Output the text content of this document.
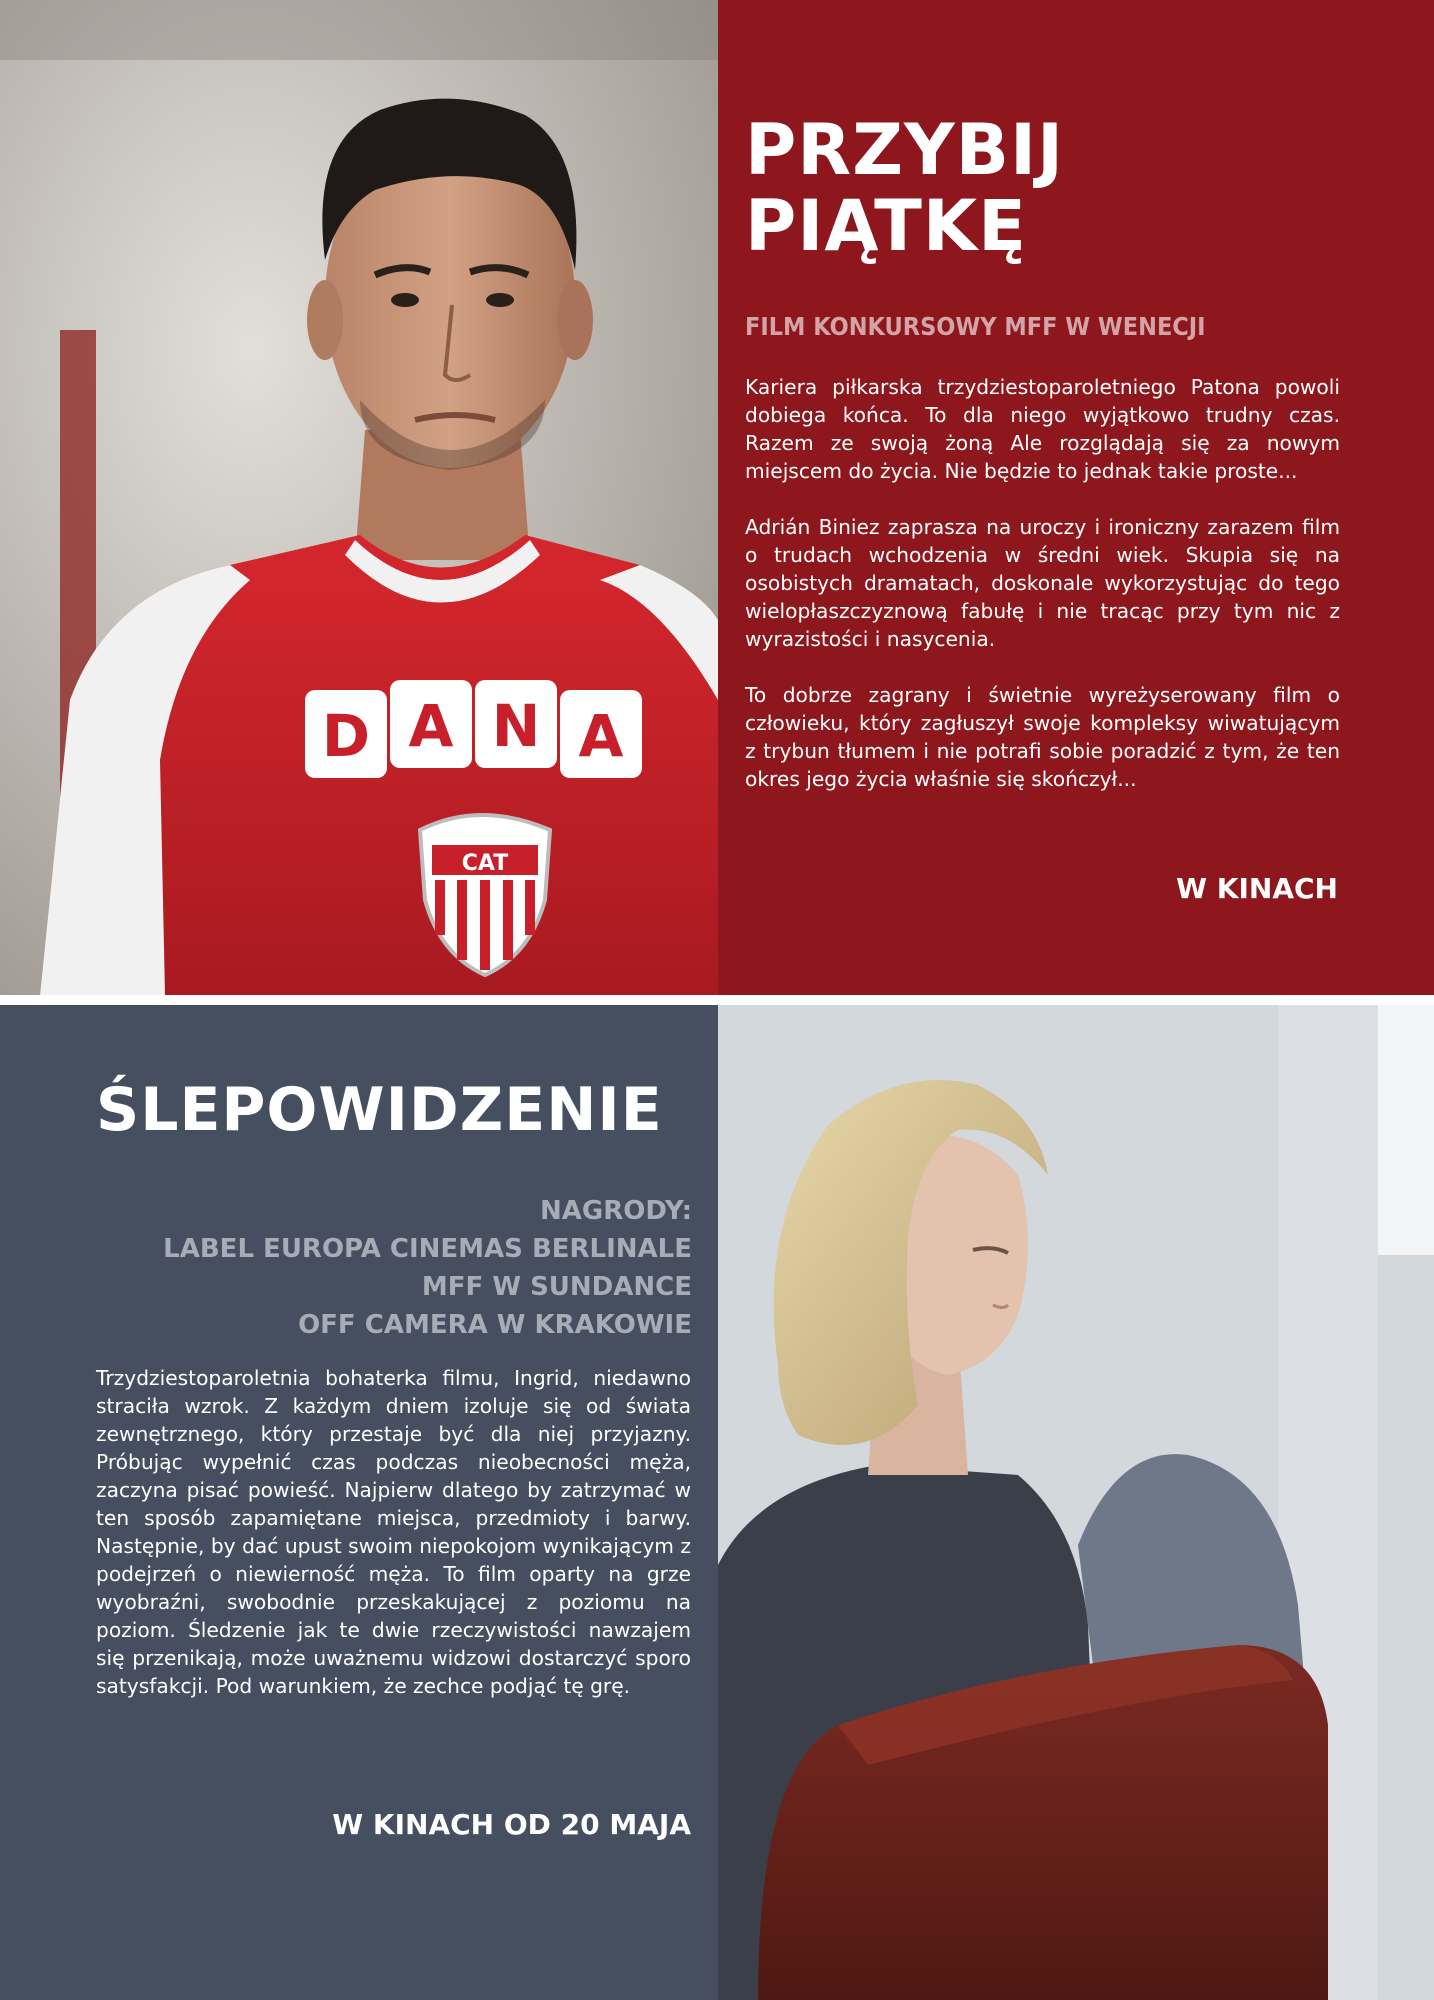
D A N A
CAT
PRZYBIJ
PIĄTKĘ
FILM KONKURSOWY MFF W WENECJI

Kariera piłkarska trzydziestoparoletniego Patona powoli dobiega końca. To dla niego wyjątkowo trudny czas. Razem ze swoją żoną Ale rozglądają się za nowym miejscem do życia. Nie będzie to jednak takie proste...

Adrián Biniez zaprasza na uroczy i ironiczny zarazem film o trudach wchodzenia w średni wiek. Skupia się na osobistych dramatach, doskonale wykorzystując do tego wielopłaszczyznową fabułę i nie tracąc przy tym nic z wyrazistości i nasycenia.

To dobrze zagrany i świetnie wyreżyserowany film o człowieku, który zagłuszył swoje kompleksy wiwatującym z trybun tłumem i nie potrafi sobie poradzić z tym, że ten okres jego życia właśnie się skończył...

W KINACH
ŚLEPOWIDZENIE
NAGRODY:
LABEL EUROPA CINEMAS BERLINALE
MFF W SUNDANCE
OFF CAMERA W KRAKOWIE

Trzydziestoparoletnia bohaterka filmu, Ingrid, niedawno straciła wzrok. Z każdym dniem izoluje się od świata zewnętrznego, który przestaje być dla niej przyjazny. Próbując wypełnić czas podczas nieobecności męża, zaczyna pisać powieść. Najpierw dlatego by zatrzymać w ten sposób zapamiętane miejsca, przedmioty i barwy. Następnie, by dać upust swoim niepokojom wynikającym z podejrzeń o niewierność męża. To film oparty na grze wyobraźni, swobodnie przeskakującej z poziomu na poziom. Śledzenie jak te dwie rzeczywistości nawzajem się przenikają, może uważnemu widzowi dostarczyć sporo satysfakcji. Pod warunkiem, że zechce podjąć tę grę.

W KINACH OD 20 MAJA
